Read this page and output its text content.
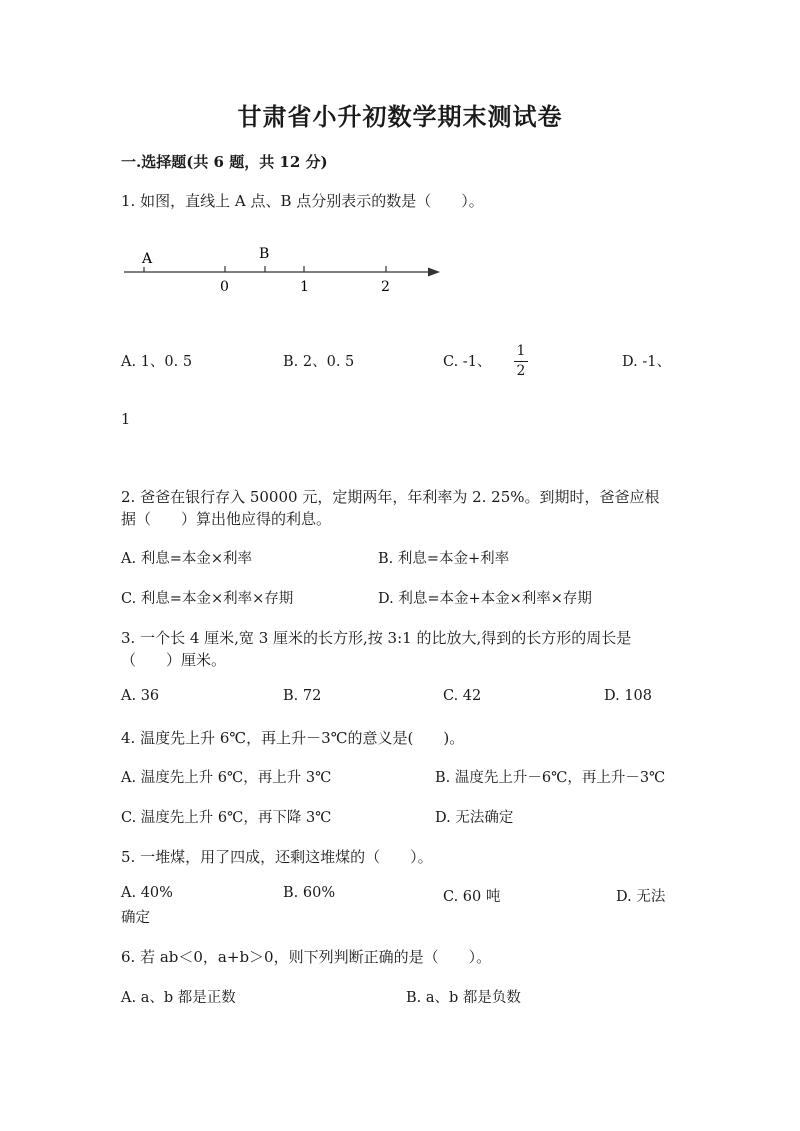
甘肃省小升初数学期末测试卷
一.选择题(共 6 题，共 12 分)
1. 如图，直线上 A 点、B 点分别表示的数是（　　）。
A	B
0	1	2
A. 1、0. 5	B. 2、0. 5	C. -1、
1
2
D. -1、
1
2. 爸爸在银行存入 50000 元，定期两年，年利率为 2. 25%。到期时，爸爸应根
据（　　）算出他应得的利息。
A. 利息=本金×利率	B. 利息=本金+利率
C. 利息=本金×利率×存期	D. 利息=本金+本金×利率×存期
3. 一个长 4 厘米,宽 3 厘米的长方形,按 3:1 的比放大,得到的长方形的周长是
（　　）厘米。
A. 36	B. 72	C. 42	D. 108
4. 温度先上升 6℃，再上升－3℃的意义是(　　)。
A. 温度先上升 6℃，再上升 3℃	B. 温度先上升－6℃，再上升－3℃
C. 温度先上升 6℃，再下降 3℃	D. 无法确定
5. 一堆煤，用了四成，还剩这堆煤的（　　）。
A. 40%	B. 60%	C. 60 吨	D. 无法
确定
6. 若 ab＜0，a+b＞0，则下列判断正确的是（　　）。
A. a、b 都是正数	B. a、b 都是负数
